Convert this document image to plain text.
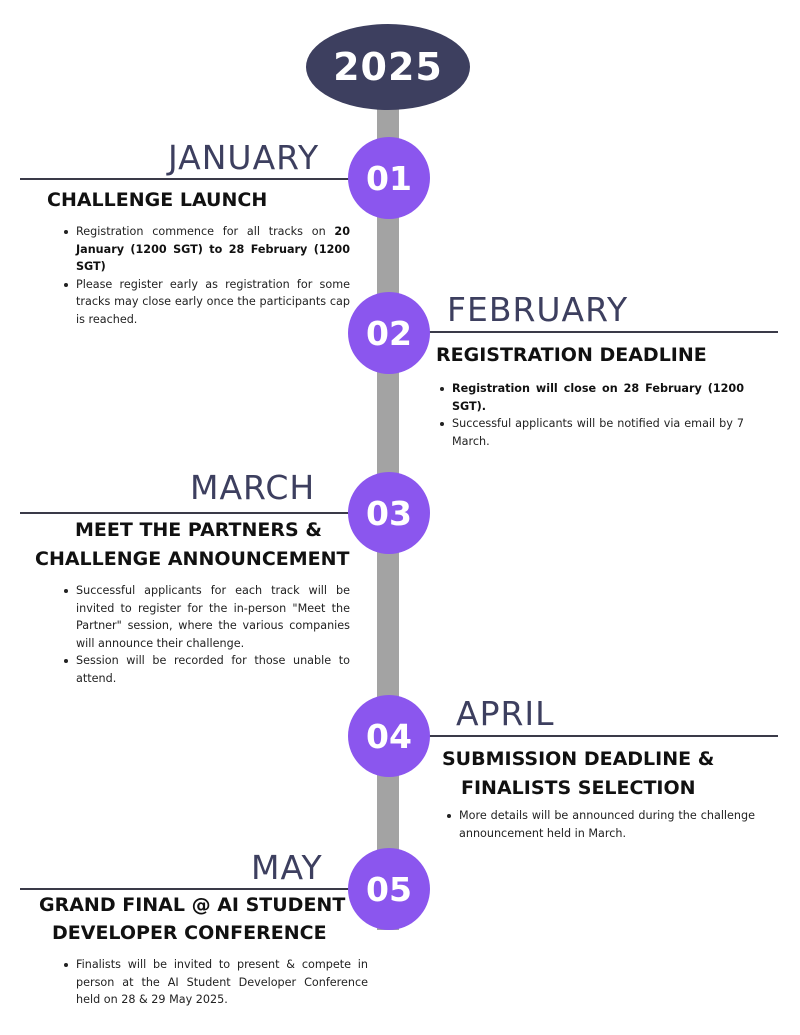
2025
01
JANUARY
CHALLENGE LAUNCH
Registration commence for all tracks on 20 January (1200 SGT) to 28 February (1200 SGT)
Please register early as registration for some tracks may close early once the participants cap is reached.	02
FEBRUARY
REGISTRATION DEADLINE
Registration will close on 28 February (1200 SGT).
Successful applicants will be notified via email by 7 March.
03
MARCH
MEET THE PARTNERS &
CHALLENGE ANNOUNCEMENT
Successful applicants for each track will be invited to register for the in-person "Meet the Partner" session, where the various companies will announce their challenge.
Session will be recorded for those unable to attend.
04
APRIL
SUBMISSION DEADLINE &
FINALISTS SELECTION
More details will be announced during the challenge announcement held in March.
05
MAY
GRAND FINAL @ AI STUDENT
DEVELOPER CONFERENCE
Finalists will be invited to present & compete in person at the AI Student Developer Conference held on 28 & 29 May 2025.
